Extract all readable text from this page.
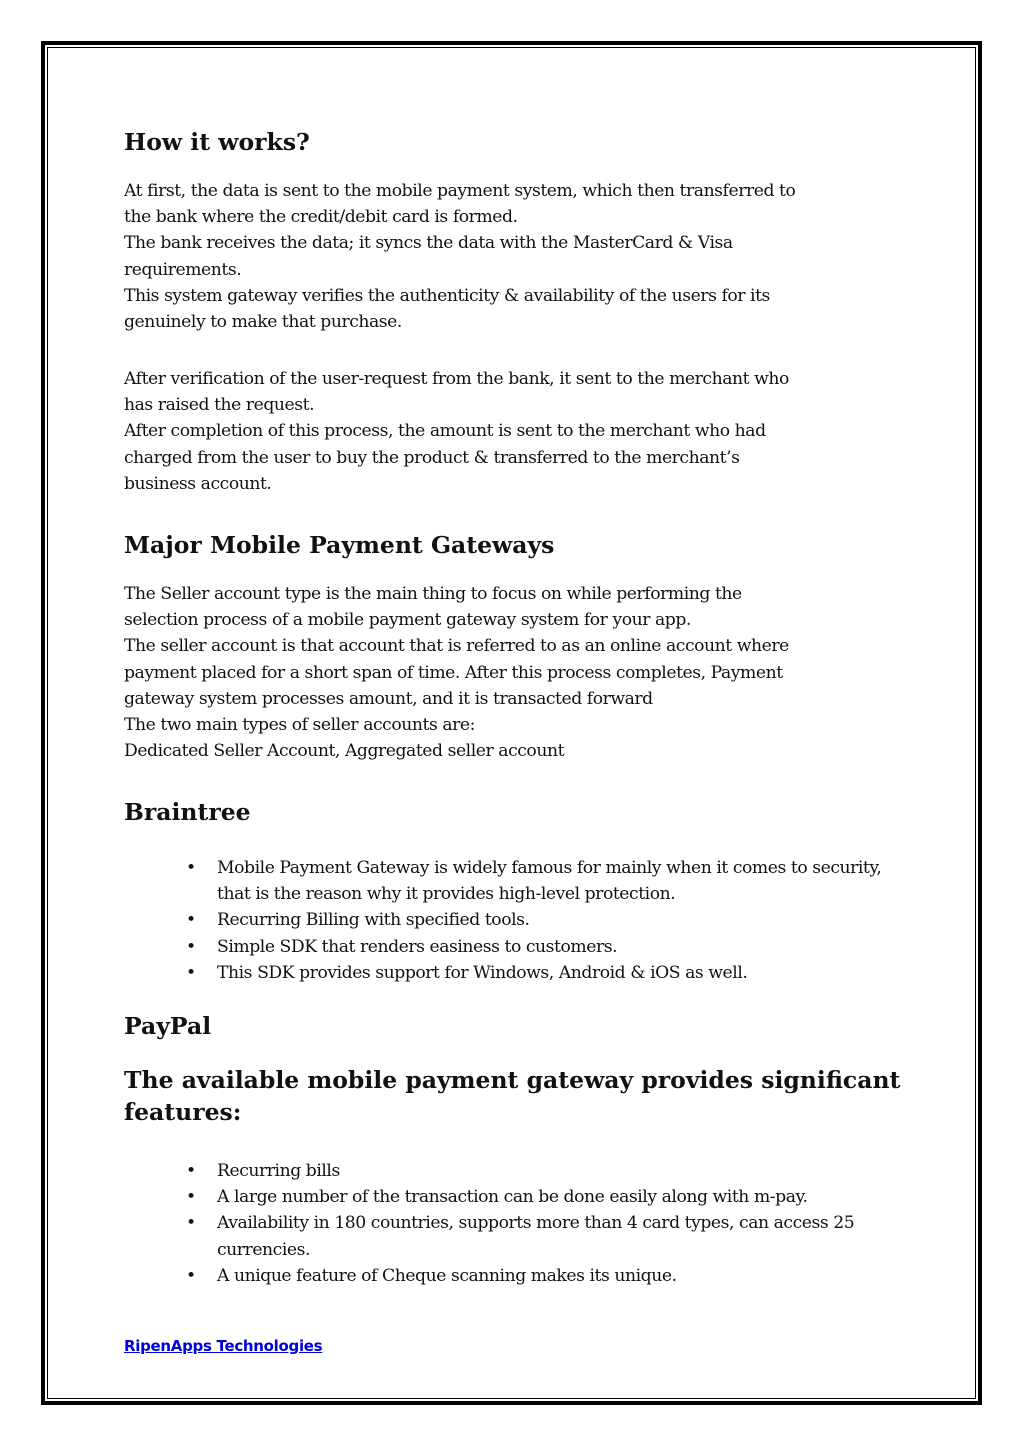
How it works?
At first, the data is sent to the mobile payment system, which then transferred to
the bank where the credit/debit card is formed.
The bank receives the data; it syncs the data with the MasterCard & Visa
requirements.
This system gateway verifies the authenticity & availability of the users for its
genuinely to make that purchase.
After verification of the user-request from the bank, it sent to the merchant who
has raised the request.
After completion of this process, the amount is sent to the merchant who had
charged from the user to buy the product & transferred to the merchant’s
business account.
Major Mobile Payment Gateways
The Seller account type is the main thing to focus on while performing the
selection process of a mobile payment gateway system for your app.
The seller account is that account that is referred to as an online account where
payment placed for a short span of time. After this process completes, Payment
gateway system processes amount, and it is transacted forward
The two main types of seller accounts are:
Dedicated Seller Account, Aggregated seller account
Braintree
• Mobile Payment Gateway is widely famous for mainly when it comes to security, that is the reason why it provides high-level protection.
• Recurring Billing with specified tools.
• Simple SDK that renders easiness to customers.
• This SDK provides support for Windows, Android & iOS as well.
PayPal
The available mobile payment gateway provides significant
features:
• Recurring bills
• A large number of the transaction can be done easily along with m-pay.
• Availability in 180 countries, supports more than 4 card types, can access 25 currencies.
• A unique feature of Cheque scanning makes its unique.
RipenApps Technologies
